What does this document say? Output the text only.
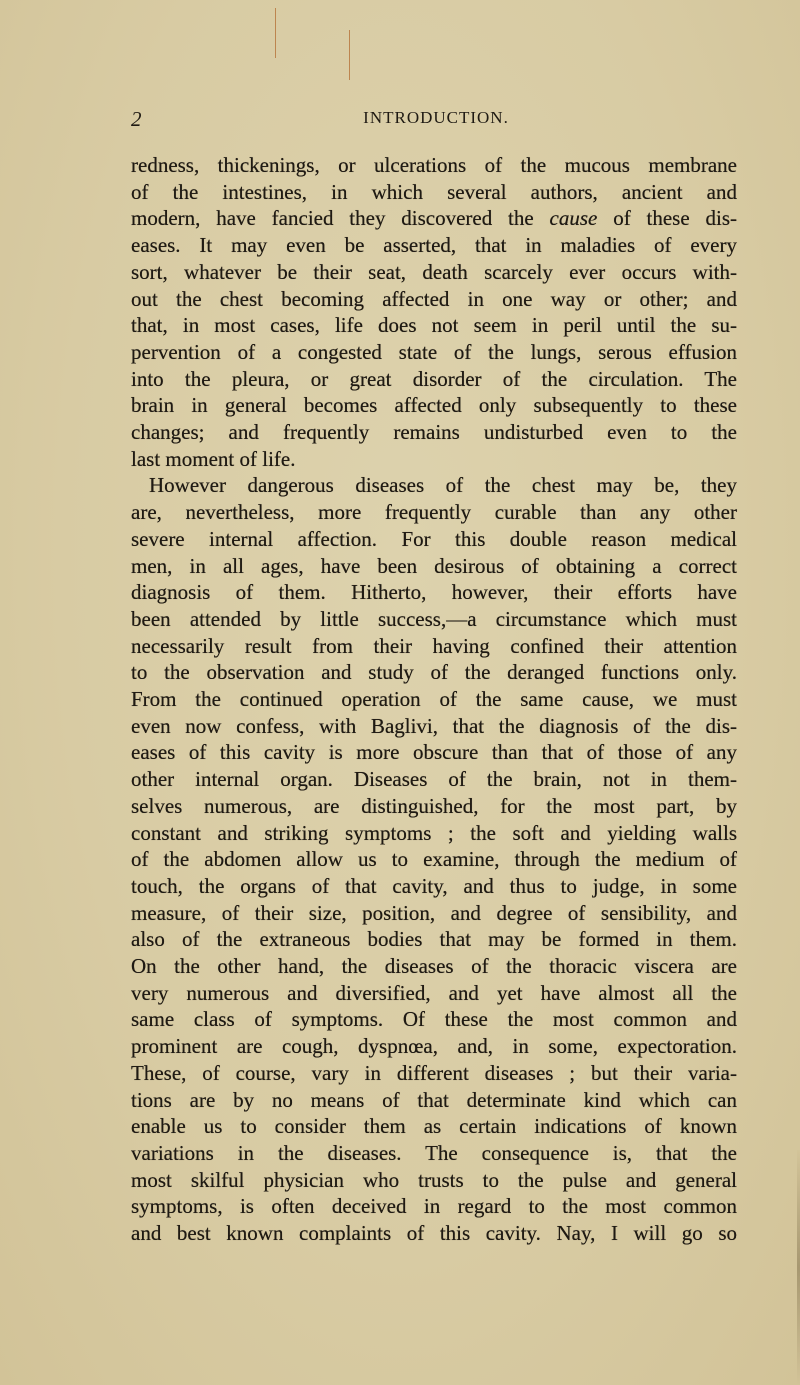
2	INTRODUCTION.
redness, thickenings, or ulcerations of the mucous membrane
of the intestines, in which several authors, ancient and
modern, have fancied they discovered the cause of these dis-
eases. It may even be asserted, that in maladies of every
sort, whatever be their seat, death scarcely ever occurs with-
out the chest becoming affected in one way or other; and
that, in most cases, life does not seem in peril until the su-
pervention of a congested state of the lungs, serous effusion
into the pleura, or great disorder of the circulation. The
brain in general becomes affected only subsequently to these
changes; and frequently remains undisturbed even to the
last moment of life.
However dangerous diseases of the chest may be, they
are, nevertheless, more frequently curable than any other
severe internal affection. For this double reason medical
men, in all ages, have been desirous of obtaining a correct
diagnosis of them. Hitherto, however, their efforts have
been attended by little success,—a circumstance which must
necessarily result from their having confined their attention
to the observation and study of the deranged functions only.
From the continued operation of the same cause, we must
even now confess, with Baglivi, that the diagnosis of the dis-
eases of this cavity is more obscure than that of those of any
other internal organ. Diseases of the brain, not in them-
selves numerous, are distinguished, for the most part, by
constant and striking symptoms ; the soft and yielding walls
of the abdomen allow us to examine, through the medium of
touch, the organs of that cavity, and thus to judge, in some
measure, of their size, position, and degree of sensibility, and
also of the extraneous bodies that may be formed in them.
On the other hand, the diseases of the thoracic viscera are
very numerous and diversified, and yet have almost all the
same class of symptoms. Of these the most common and
prominent are cough, dyspnœa, and, in some, expectoration.
These, of course, vary in different diseases ; but their varia-
tions are by no means of that determinate kind which can
enable us to consider them as certain indications of known
variations in the diseases. The consequence is, that the
most skilful physician who trusts to the pulse and general
symptoms, is often deceived in regard to the most common
and best known complaints of this cavity. Nay, I will go so
